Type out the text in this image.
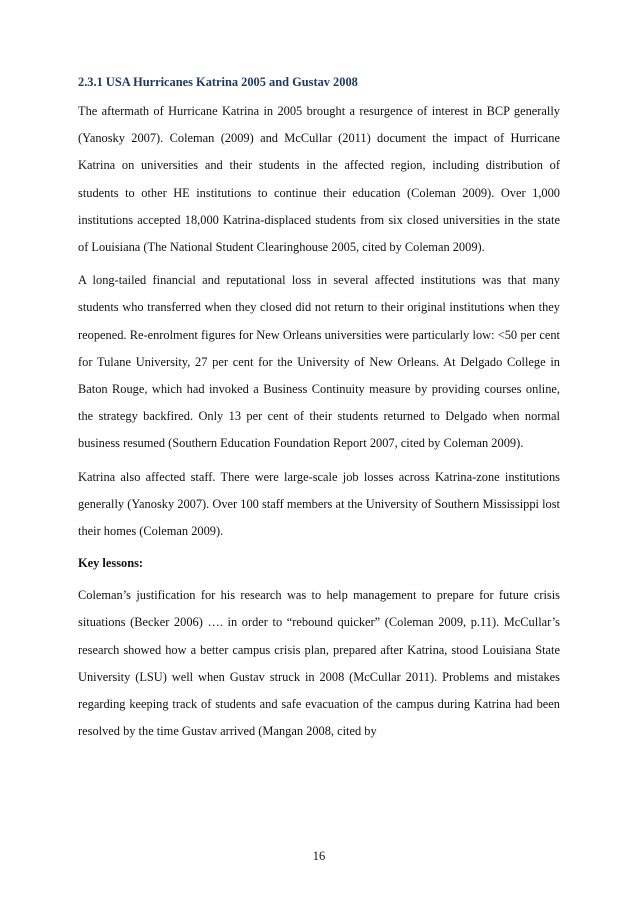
2.3.1 USA Hurricanes Katrina 2005 and Gustav 2008

The aftermath of Hurricane Katrina in 2005 brought a resurgence of interest in BCP generally (Yanosky 2007). Coleman (2009) and McCullar (2011) document the impact of Hurricane Katrina on universities and their students in the affected region, including distribution of students to other HE institutions to continue their education (Coleman 2009). Over 1,000 institutions accepted 18,000 Katrina-displaced students from six closed universities in the state of Louisiana (The National Student Clearinghouse 2005, cited by Coleman 2009).

A long-tailed financial and reputational loss in several affected institutions was that many students who transferred when they closed did not return to their original institutions when they reopened. Re-enrolment figures for New Orleans universities were particularly low: <50 per cent for Tulane University, 27 per cent for the University of New Orleans. At Delgado College in Baton Rouge, which had invoked a Business Continuity measure by providing courses online, the strategy backfired. Only 13 per cent of their students returned to Delgado when normal business resumed (Southern Education Foundation Report 2007, cited by Coleman 2009).

Katrina also affected staff. There were large-scale job losses across Katrina-zone institutions generally (Yanosky 2007). Over 100 staff members at the University of Southern Mississippi lost their homes (Coleman 2009).

Key lessons:

Coleman’s justification for his research was to help management to prepare for future crisis situations (Becker 2006) …. in order to “rebound quicker” (Coleman 2009, p.11). McCullar’s research showed how a better campus crisis plan, prepared after Katrina, stood Louisiana State University (LSU) well when Gustav struck in 2008 (McCullar 2011). Problems and mistakes regarding keeping track of students and safe evacuation of the campus during Katrina had been resolved by the time Gustav arrived (Mangan 2008, cited by

16
